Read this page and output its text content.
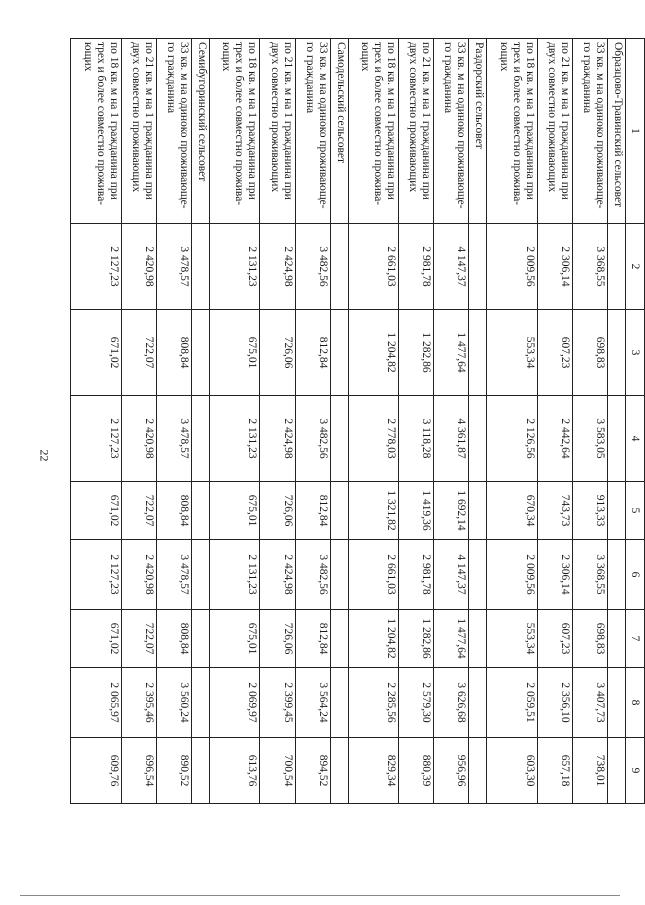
22
1	2	3	4	5	6	7	8	9
Образцово-Травинский сельсовет								
33 кв. м на одиноко проживающе-
го гражданина	3 368,55	698,83	3 583,05	913,33	3 368,55	698,83	3 407,73	738,01
по 21 кв. м на 1 гражданина при
двух совместно проживающих	2 306,14	607,23	2 442,64	743,73	2 306,14	607,23	2 356,10	657,18
по 18 кв. м на 1 гражданина при
трех и более совместно прожива-
ющих	2 009,56	553,34	2 126,56	670,34	2 009,56	553,34	2 059,51	603,30
Раздорский сельсовет								
33 кв. м на одиноко проживающе-
го гражданина	4 147,37	1 477,64	4 361,87	1 692,14	4 147,37	1 477,64	3 626,68	956,96
по 21 кв. м на 1 гражданина при
двух совместно проживающих	2 981,78	1 282,86	3 118,28	1 419,36	2 981,78	1 282,86	2 579,30	880,39
по 18 кв. м на 1 гражданина при
трех и более совместно прожива-
ющих	2 661,03	1 204,82	2 778,03	1 321,82	2 661,03	1 204,82	2 285,56	829,34
Самодельский сельсовет								
33 кв. м на одиноко проживающе-
го гражданина	3 482,56	812,84	3 482,56	812,84	3 482,56	812,84	3 564,24	894,52
по 21 кв. м на 1 гражданина при
двух совместно проживающих	2 424,98	726,06	2 424,98	726,06	2 424,98	726,06	2 399,45	700,54
по 18 кв. м на 1 гражданина при
трех и более совместно прожива-
ющих	2 131,23	675,01	2 131,23	675,01	2 131,23	675,01	2 069,97	613,76
Семибугоринский сельсовет								
33 кв. м на одиноко проживающе-
го гражданина	3 478,57	808,84	3 478,57	808,84	3 478,57	808,84	3 560,24	890,52
по 21 кв. м на 1 гражданина при
двух совместно проживающих	2 420,98	722,07	2 420,98	722,07	2 420,98	722,07	2 395,46	696,54
по 18 кв. м на 1 гражданина при
трех и более совместно прожива-
ющих	2 127,23	671,02	2 127,23	671,02	2 127,23	671,02	2 065,97	609,76
